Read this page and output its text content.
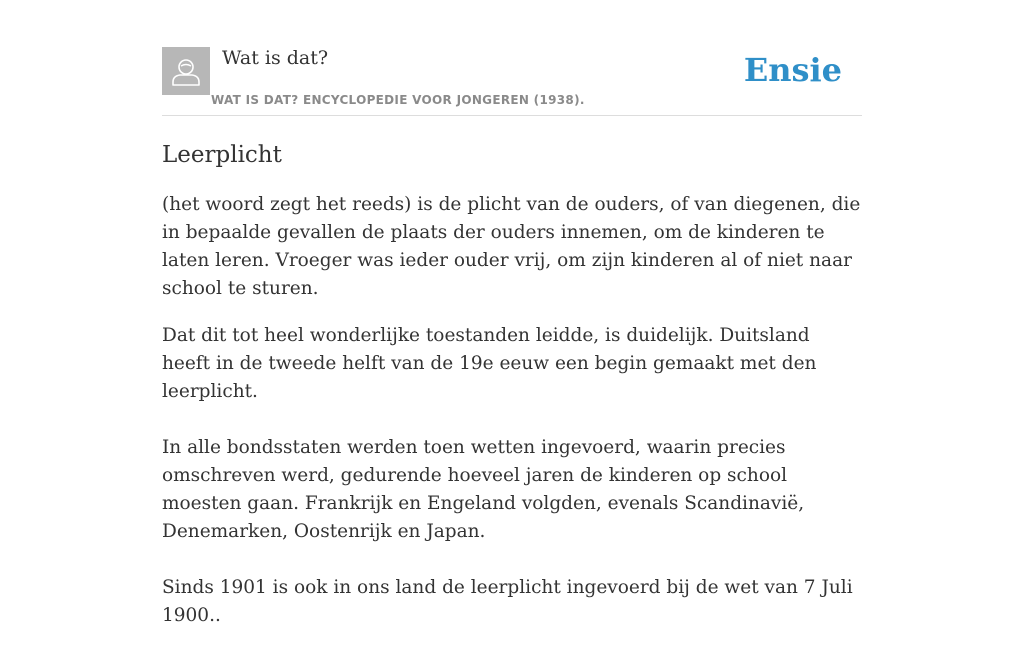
Wat is dat?
WAT IS DAT? ENCYCLOPEDIE VOOR JONGEREN (1938).
Ensie
Leerplicht

(het woord zegt het reeds) is de plicht van de ouders, of van diegenen, die in bepaalde gevallen de plaats der ouders innemen, om de kinderen te laten leren. Vroeger was ieder ouder vrij, om zijn kinderen al of niet naar school te sturen.

Dat dit tot heel wonderlijke toestanden leidde, is duidelijk. Duitsland heeft in de tweede helft van de 19e eeuw een begin gemaakt met den leerplicht.

In alle bondsstaten werden toen wetten ingevoerd, waarin precies omschreven werd, gedurende hoeveel jaren de kinderen op school moesten gaan. Frankrijk en Engeland volgden, evenals Scandinavië, Denemarken, Oostenrijk en Japan.

Sinds 1901 is ook in ons land de leerplicht ingevoerd bij de wet van 7 Juli 1900..
